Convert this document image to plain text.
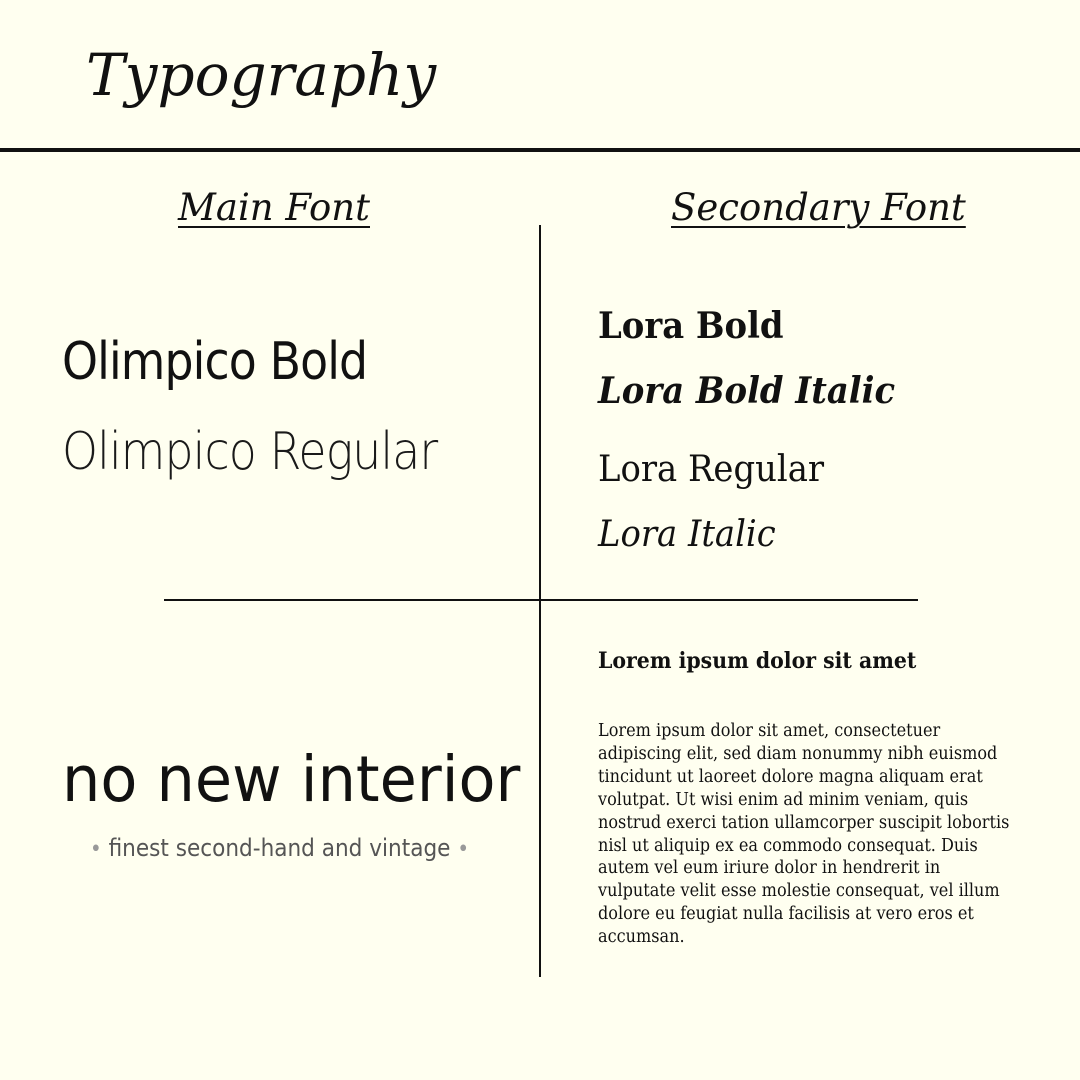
Typography
Main Font	Secondary Font
Olimpico Bold
Olimpico Regular
Lora Bold
Lora Bold Italic
Lora Regular
Lora Italic
no new interior
• finest second-hand and vintage •
Lorem ipsum dolor sit amet

Lorem ipsum dolor sit amet, consectetuer adipiscing elit, sed diam nonummy nibh euismod tincidunt ut laoreet dolore magna aliquam erat volutpat. Ut wisi enim ad minim veniam, quis nostrud exerci tation ullamcorper suscipit lobortis nisl ut aliquip ex ea commodo consequat. Duis autem vel eum iriure dolor in hendrerit in vulputate velit esse molestie consequat, vel illum dolore eu feugiat nulla facilisis at vero eros et accumsan.
